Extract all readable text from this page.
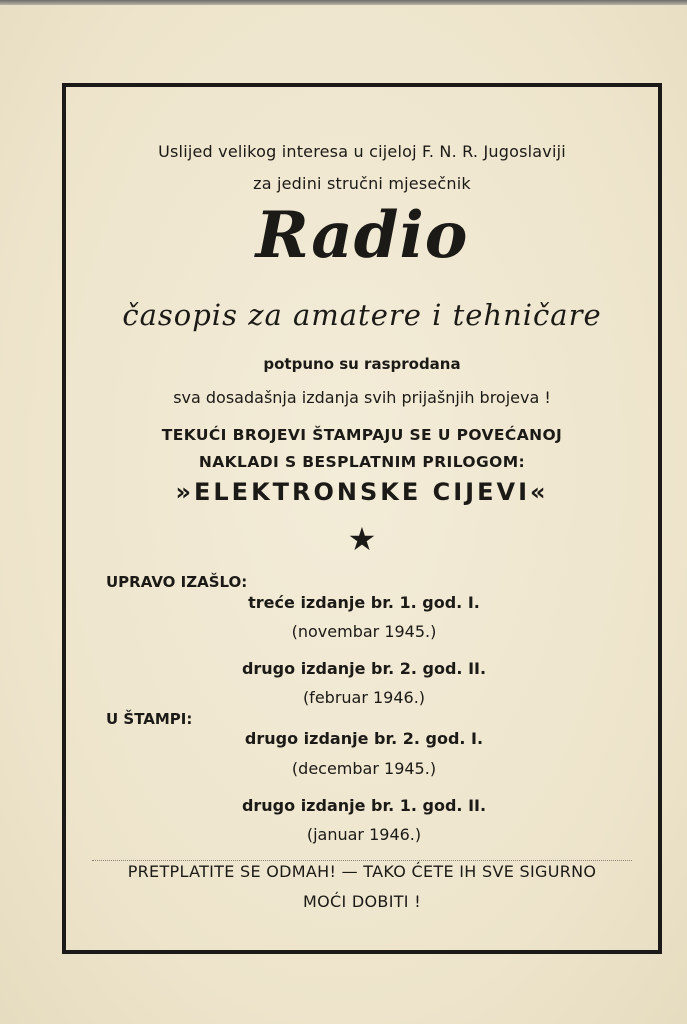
Uslijed velikog interesa u cijeloj F. N. R. Jugoslaviji
za jedini stručni mjesečnik
Radio
časopis za amatere i tehničare
potpuno su rasprodana
sva dosadašnja izdanja svih prijašnjih brojeva !
TEKUĆI BROJEVI ŠTAMPAJU SE U POVEĆANOJ
NAKLADI S BESPLATNIM PRILOGOM:
»ELEKTRONSKE CIJEVI«
★
UPRAVO IZAŠLO:
treće izdanje br. 1. god. I.
(novembar 1945.)
drugo izdanje br. 2. god. II.
(februar 1946.)
U ŠTAMPI:
drugo izdanje br. 2. god. I.
(decembar 1945.)
drugo izdanje br. 1. god. II.
(januar 1946.)
PRETPLATITE SE ODMAH! — TAKO ĆETE IH SVE SIGURNO
MOĆI DOBITI !
